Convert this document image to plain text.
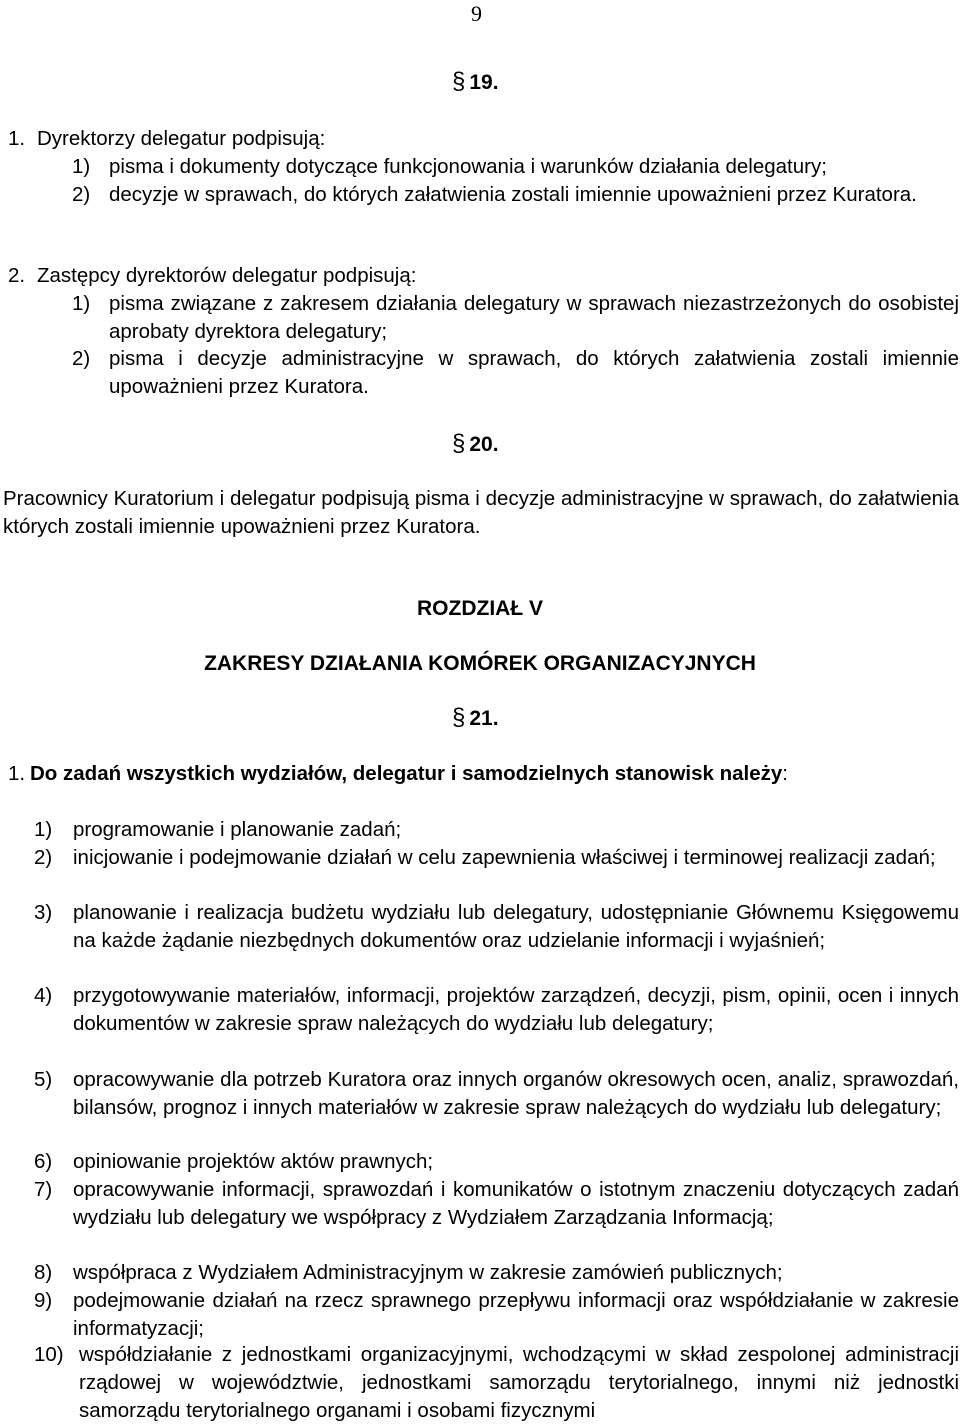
9
§ 19.
1. Dyrektorzy delegatur podpisują:
1) pisma i dokumenty dotyczące funkcjonowania i warunków działania delegatury;

2) decyzje w sprawach, do których załatwienia zostali imiennie upoważnieni przez Kuratora.

2. Zastępcy dyrektorów delegatur podpisują:
1) pisma związane z zakresem działania delegatury w sprawach niezastrzeżonych do osobistej aprobaty dyrektora delegatury;

2) pisma i decyzje administracyjne w sprawach, do których załatwienia zostali imiennie upoważnieni przez Kuratora.

§ 20.

Pracownicy Kuratorium i delegatur podpisują pisma i decyzje administracyjne w sprawach, do załatwienia których zostali imiennie upoważnieni przez Kuratora.

ROZDZIAŁ V
ZAKRESY DZIAŁANIA KOMÓREK ORGANIZACYJNYCH
§ 21.
1. Do zadań wszystkich wydziałów, delegatur i samodzielnych stanowisk należy:
1) programowanie i planowanie zadań;

2) inicjowanie i podejmowanie działań w celu zapewnienia właściwej i terminowej realizacji zadań;

3) planowanie i realizacja budżetu wydziału lub delegatury, udostępnianie Głównemu Księgowemu na każde żądanie niezbędnych dokumentów oraz udzielanie informacji i wyjaśnień;

4) przygotowywanie materiałów, informacji, projektów zarządzeń, decyzji, pism, opinii, ocen i innych dokumentów w zakresie spraw należących do wydziału lub delegatury;

5) opracowywanie dla potrzeb Kuratora oraz innych organów okresowych ocen, analiz, sprawozdań, bilansów, prognoz i innych materiałów w zakresie spraw należących do wydziału lub delegatury;

6) opiniowanie projektów aktów prawnych;

7) opracowywanie informacji, sprawozdań i komunikatów o istotnym znaczeniu dotyczących zadań wydziału lub delegatury we współpracy z Wydziałem Zarządzania Informacją;

8) współpraca z Wydziałem Administracyjnym w zakresie zamówień publicznych;

9) podejmowanie działań na rzecz sprawnego przepływu informacji oraz współdziałanie w zakresie informatyzacji;

10) współdziałanie z jednostkami organizacyjnymi, wchodzącymi w skład zespolonej administracji rządowej w województwie, jednostkami samorządu terytorialnego, innymi niż jednostki samorządu terytorialnego organami i osobami fizycznymi
